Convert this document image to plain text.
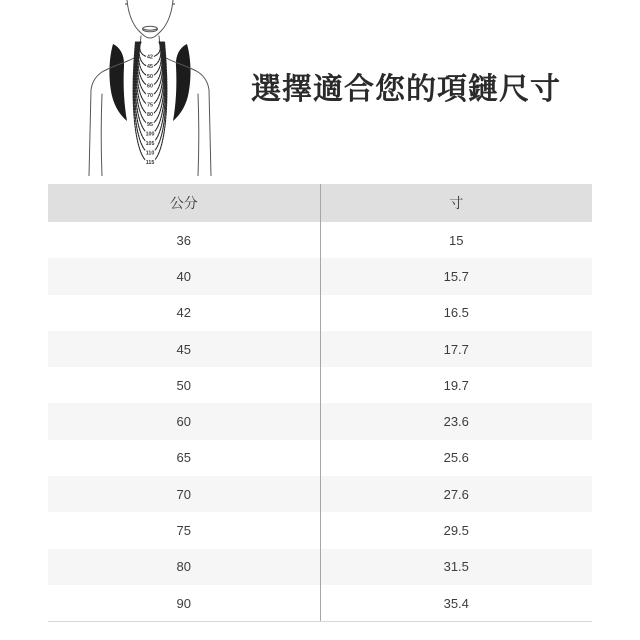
42
45
50
60
70
75
80
95
100
105
110
115
選擇適合您的項鏈尺寸
公分	寸
36	15
40	15.7
42	16.5
45	17.7
50	19.7
60	23.6
65	25.6
70	27.6
75	29.5
80	31.5
90	35.4
